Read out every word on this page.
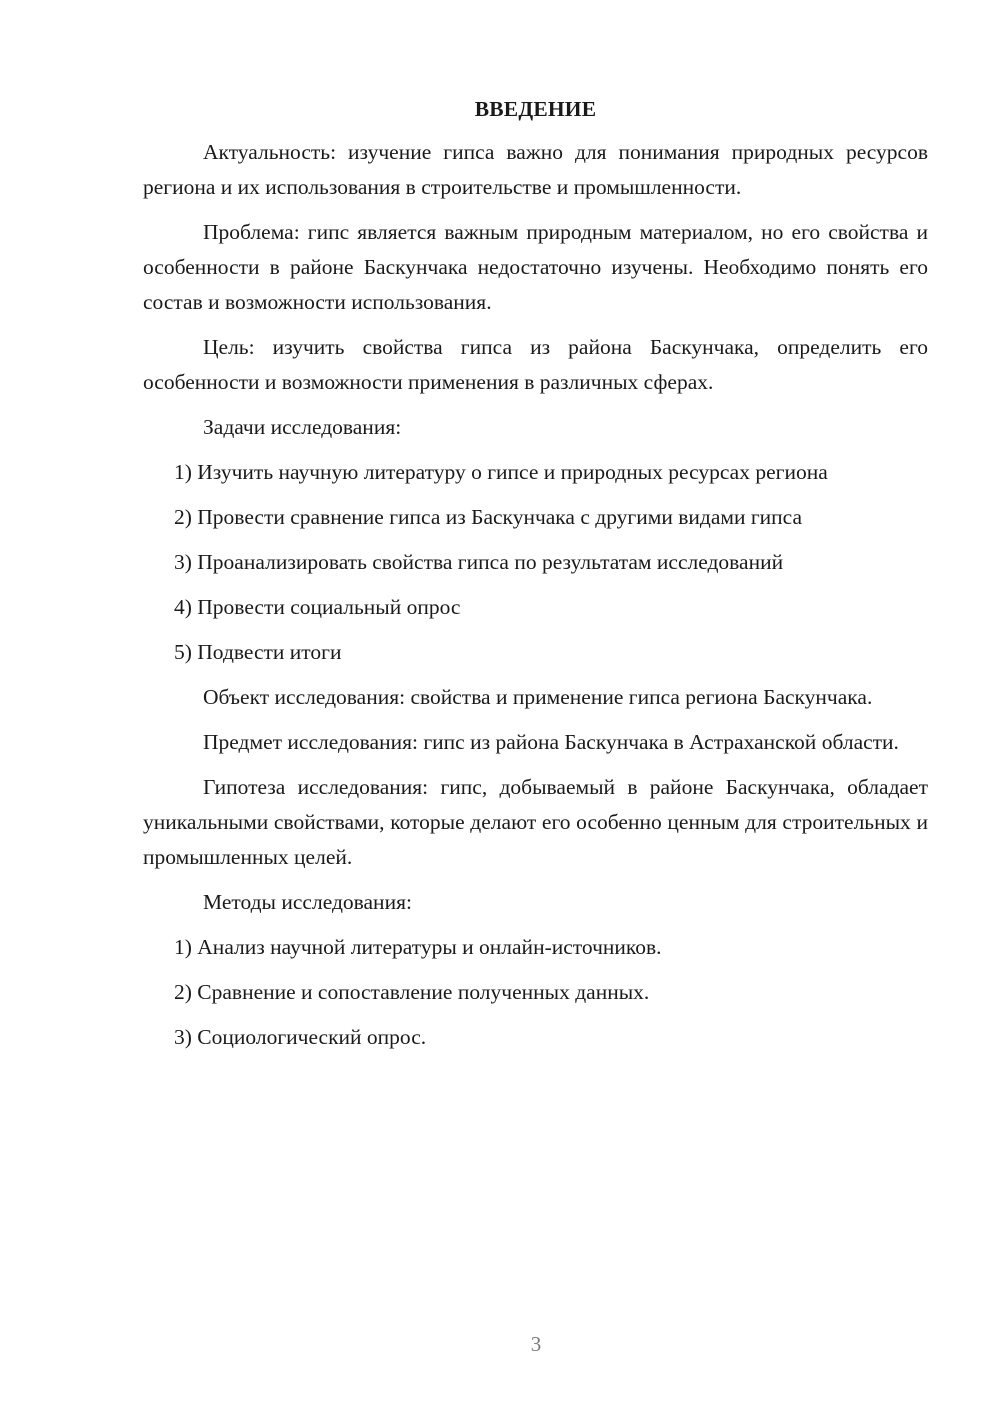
ВВЕДЕНИЕ

Актуальность: изучение гипса важно для понимания природных ресурсов региона и их использования в строительстве и промышленности.

Проблема: гипс является важным природным материалом, но его свойства и особенности в районе Баскунчака недостаточно изучены. Необходимо понять его состав и возможности использования.

Цель: изучить свойства гипса из района Баскунчака, определить его особенности и возможности применения в различных сферах.

Задачи исследования:

1) Изучить научную литературу о гипсе и природных ресурсах региона
2) Провести сравнение гипса из Баскунчака с другими видами гипса
3) Проанализировать свойства гипса по результатам исследований
4) Провести социальный опрос
5) Подвести итоги

Объект исследования: свойства и применение гипса региона Баскунчака.

Предмет исследования: гипс из района Баскунчака в Астраханской области.

Гипотеза исследования: гипс, добываемый в районе Баскунчака, обладает уникальными свойствами, которые делают его особенно ценным для строительных и промышленных целей.

Методы исследования:

1) Анализ научной литературы и онлайн-источников.
2) Сравнение и сопоставление полученных данных.
3) Социологический опрос.
3
